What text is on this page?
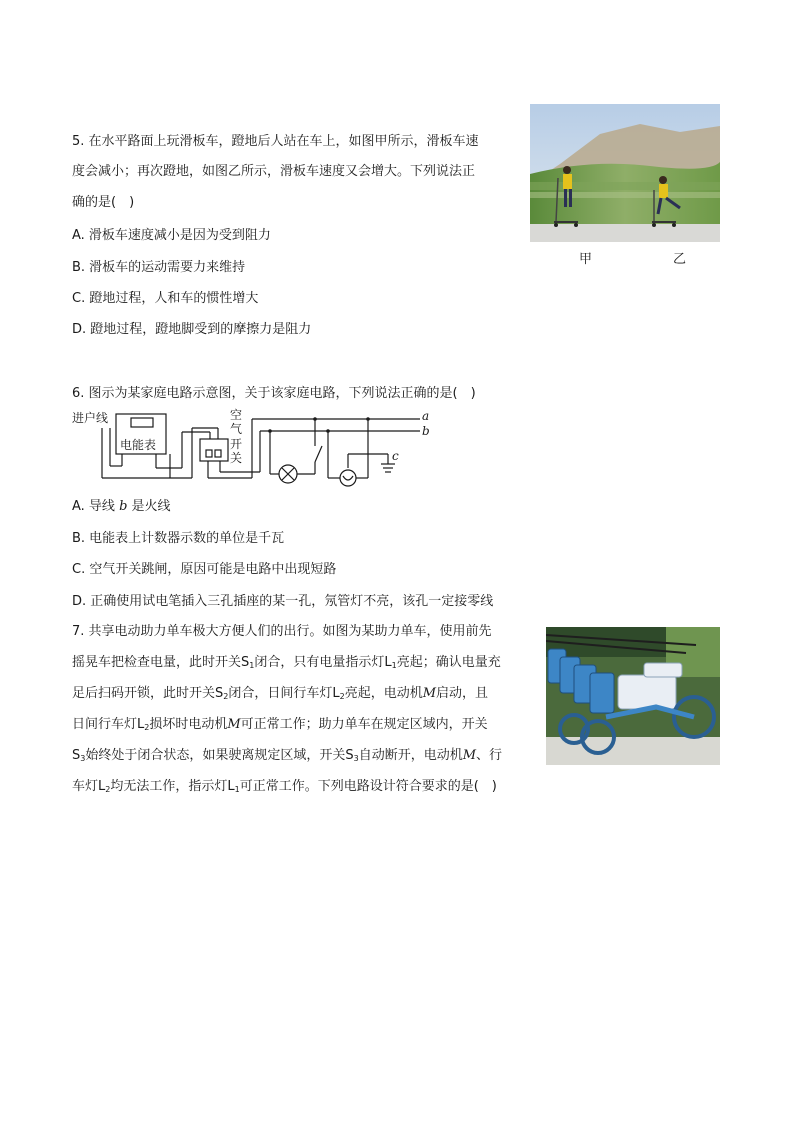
5. 在水平路面上玩滑板车，蹬地后人站在车上，如图甲所示，滑板车速
度会减小；再次蹬地，如图乙所示，滑板车速度又会增大。下列说法正
确的是(　)
A. 滑板车速度减小是因为受到阻力
B. 滑板车的运动需要力来维持
C. 蹬地过程，人和车的惯性增大
D. 蹬地过程，蹬地脚受到的摩擦力是阻力
甲	乙
6. 图示为某家庭电路示意图，关于该家庭电路，下列说法正确的是(　)
进户线
电能表
空
气
开
关
a
b
c
A. 导线 b 是火线
B. 电能表上计数器示数的单位是千瓦
C. 空气开关跳闸，原因可能是电路中出现短路
D. 正确使用试电笔插入三孔插座的某一孔，氖管灯不亮，该孔一定接零线
7. 共享电动助力单车极大方便人们的出行。如图为某助力单车，使用前先
摇晃车把检查电量，此时开关$S_1$闭合，只有电量指示灯$L_1$亮起；确认电量充
足后扫码开锁，此时开关$S_2$闭合，日间行车灯$L_2$亮起，电动机M启动，且
日间行车灯$L_2$损坏时电动机M可正常工作；助力单车在规定区域内，开关
$S_3$始终处于闭合状态，如果驶离规定区域，开关$S_3$自动断开，电动机M、行
车灯$L_2$均无法工作，指示灯$L_1$可正常工作。下列电路设计符合要求的是(　)
